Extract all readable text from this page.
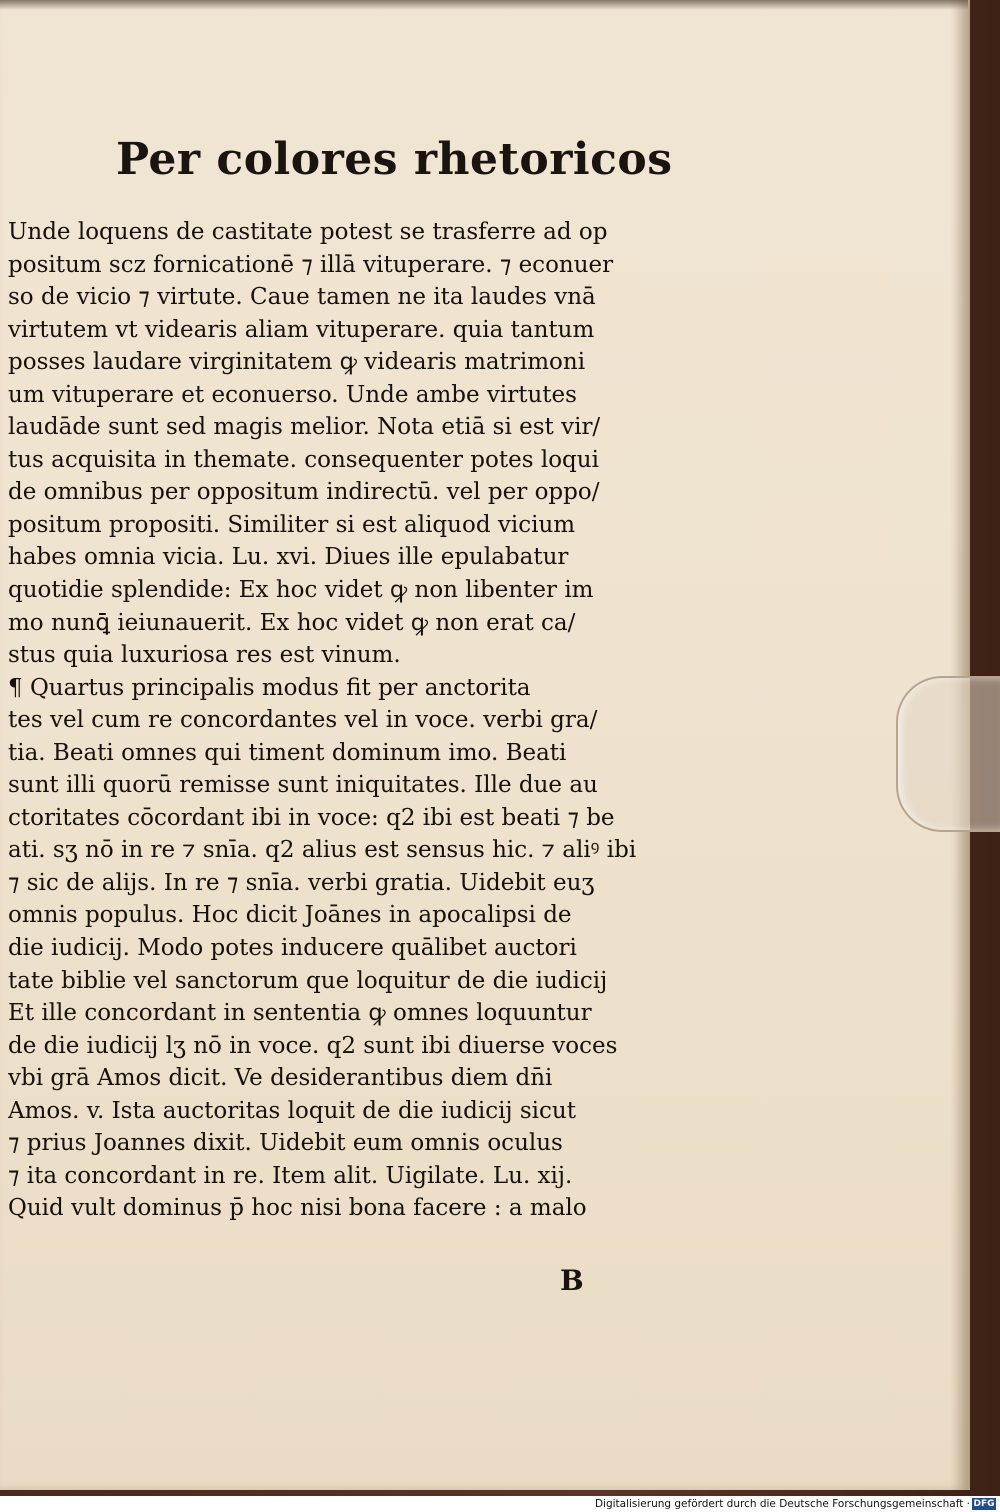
Per colores rhetoricos
Unde loquens de castitate potest se trasferre ad op
positum scz fornicationē ⁊ illā vituperare. ⁊ econuer
so de vicio ⁊ virtute. Caue tamen ne ita laudes vnā
virtutem vt videaris aliam vituperare. quia tantum
posses laudare virginitatem ꝙ videaris matrimoni
um vituperare et econuerso. Unde ambe virtutes
laudāde sunt sed magis melior. Nota etiā si est vir/
tus acquisita in themate. consequenter potes loqui
de omnibus per oppositum indirectū. vel per oppo/
positum propositi. Similiter si est aliquod vicium
habes omnia vicia. Lu. xvi. Diues ille epulabatur
quotidie splendide: Ex hoc videt ꝙ non libenter im
mo nunꝗ̄ ieiunauerit. Ex hoc videt ꝙ non erat ca/
stus quia luxuriosa res est vinum.
¶ Quartus principalis modus fit per anctorita
tes vel cum re concordantes vel in voce. verbi gra/
tia. Beati omnes qui timent dominum imo. Beati
sunt illi quorū remisse sunt iniquitates. Ille due au
ctoritates cōcordant ibi in voce: q2 ibi est beati ⁊ be
ati. sʒ nō in re ⁊ snīa. q2 alius est sensus hic. ⁊ aliꝰ ibi
⁊ sic de alijs. In re ⁊ snīa. verbi gratia. Uidebit euʒ
omnis populus. Hoc dicit Joānes in apocalipsi de
die iudicij. Modo potes inducere quālibet auctori
tate biblie vel sanctorum que loquitur de die iudicij
Et ille concordant in sententia ꝙ omnes loquuntur
de die iudicij lʒ nō in voce. q2 sunt ibi diuerse voces
vbi grā Amos dicit. Ve desiderantibus diem dn̄i
Amos. v. Ista auctoritas loquit de die iudicij sicut
⁊ prius Joannes dixit. Uidebit eum omnis oculus
⁊ ita concordant in re. Item alit. Uigilate. Lu. xij.
Quid vult dominus p̄ hoc nisi bona facere : a malo
B
Digitalisierung gefördert durch die Deutsche Forschungsgemeinschaft · DFG
